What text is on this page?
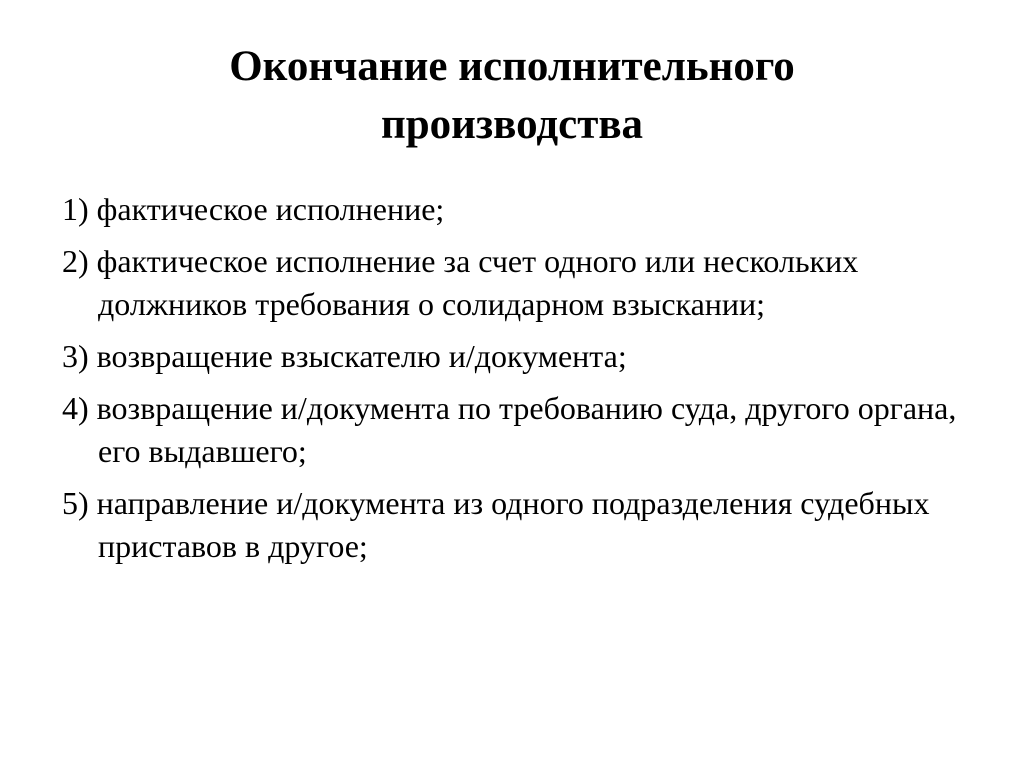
Окончание исполнительного
производства
1) фактическое исполнение;
2) фактическое исполнение за счет одного или нескольких должников требования о солидарном взыскании;
3) возвращение взыскателю и/документа;
4) возвращение и/документа по требованию суда, другого органа, его выдавшего;
5) направление и/документа из одного подразделения судебных приставов в другое;
